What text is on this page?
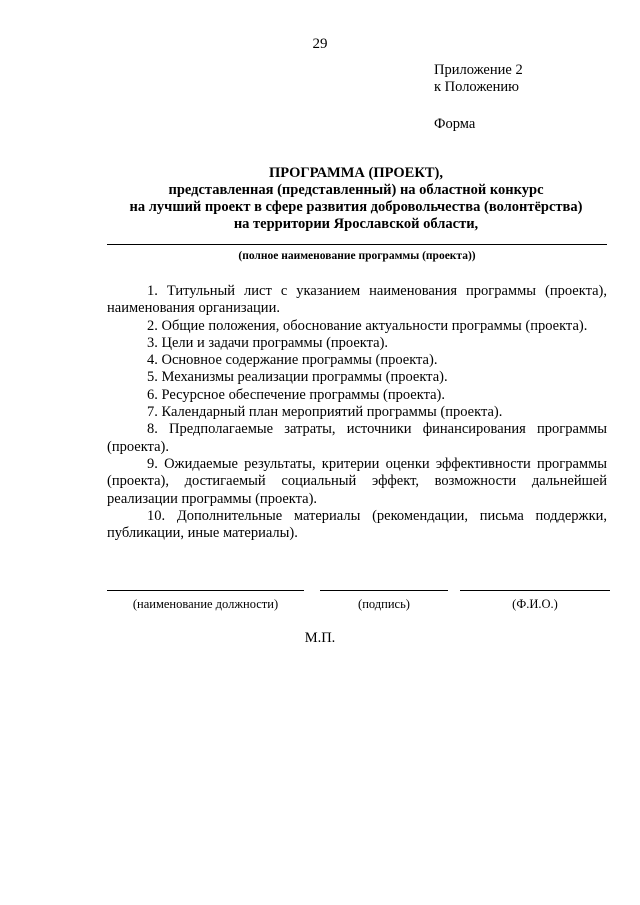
29
Приложение 2
к Положению
Форма
ПРОГРАММА (ПРОЕКТ),
представленная (представленный) на областной конкурс
на лучший проект в сфере развития добровольчества (волонтёрства)
на территории Ярославской области,
(полное наименование программы (проекта))

1. Титульный лист с указанием наименования программы (проекта), наименования организации.

2. Общие положения, обоснование актуальности программы (проекта).

3. Цели и задачи программы (проекта).

4. Основное содержание программы (проекта).

5. Механизмы реализации программы (проекта).

6. Ресурсное обеспечение программы (проекта).

7. Календарный план мероприятий программы (проекта).

8. Предполагаемые затраты, источники финансирования программы (проекта).

9. Ожидаемые результаты, критерии оценки эффективности программы (проекта), достигаемый социальный эффект, возможности дальнейшей реализации программы (проекта).

10. Дополнительные материалы (рекомендации, письма поддержки, публикации, иные материалы).

(наименование должности)	(подпись)	(Ф.И.О.)
М.П.
